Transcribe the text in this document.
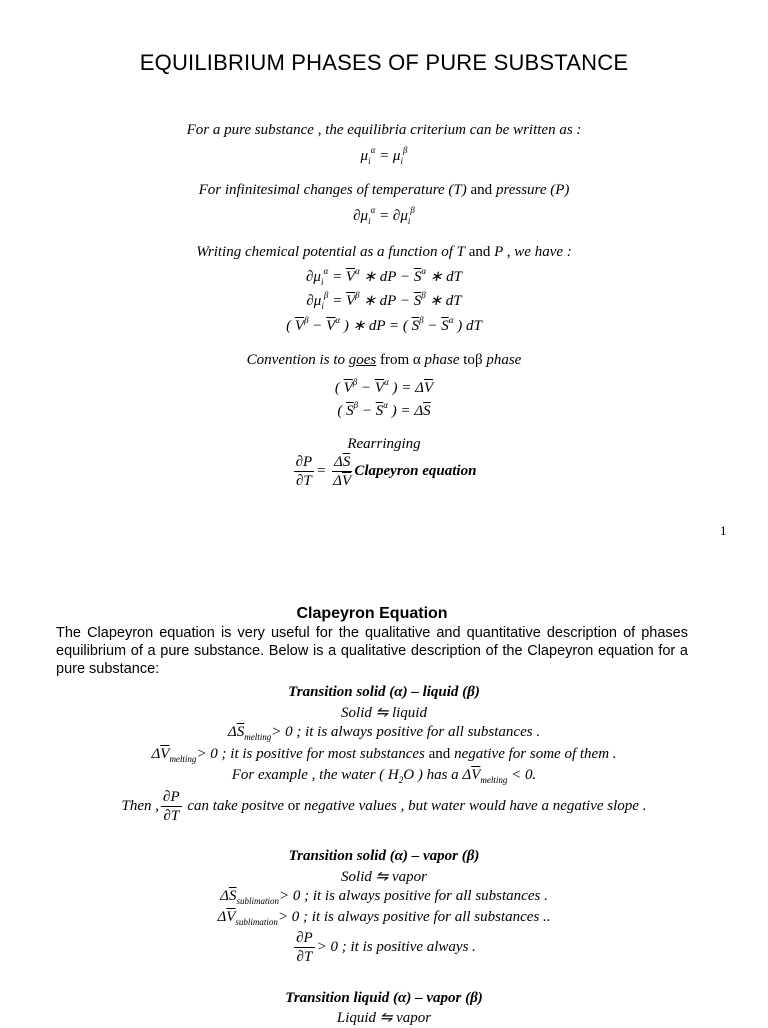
EQUILIBRIUM PHASES OF PURE SUBSTANCE
For a pure substance , the equilibria criterium can be written as :
$\mu_i^\alpha = \mu_i^\beta$
For infinitesimal changes of temperature (T) and pressure (P)
$\partial\mu_i^\alpha = \partial\mu_i^\beta$
Writing chemical potential as a function of T and P , we have :
$\partial\mu_i^\alpha = \overline{V}^\alpha$ ∗ dP − $\overline{S}^\alpha$ ∗ dT
$\partial\mu_i^\beta = \overline{V}^\beta$ ∗ dP − $\overline{S}^\beta$ ∗ dT
( $\overline{V}^\beta - \overline{V}^\alpha$ ) ∗ dP = ( $\overline{S}^\beta - \overline{S}^\alpha$ ) dT
Convention is to goes from α phase toβ phase
( $\overline{V}^\beta - \overline{V}^\alpha$ ) = $\Delta\overline{V}$
( $\overline{S}^\beta - \overline{S}^\alpha$ ) = $\Delta\overline{S}$
Rearringing
$\frac{\partial P}{\partial T} = \frac{\Delta\overline{S}}{\Delta\overline{V}}$ Clapeyron equation
1
Clapeyron Equation
The Clapeyron equation is very useful for the qualitative and quantitative description of phases equilibrium of a pure substance. Below is a qualitative description of the Clapeyron equation for a pure substance:
Transition solid (α) – liquid (β)
Solid ⇋ liquid
$\Delta\overline{S}_{melting}> 0$ ; it is always positive for all substances .
$\Delta\overline{V}_{melting}> 0$ ; it is positive for most substances and negative for some of them .
For example , the water ( $H_2O$ ) has a $\Delta\overline{V}_{melting} < 0$.
Then , $\frac{\partial P}{\partial T}$ can take positve or negative values , but water would have a negative slope .
Transition solid (α) – vapor (β)
Solid ⇋ vapor
$\Delta\overline{S}_{sublimation}> 0$ ; it is always positive for all substances .
$\Delta\overline{V}_{sublimation}> 0$ ; it is always positive for all substances ..
$\frac{\partial P}{\partial T} > 0$ ; it is positive always .
Transition liquid (α) – vapor (β)
Liquid ⇋ vapor
